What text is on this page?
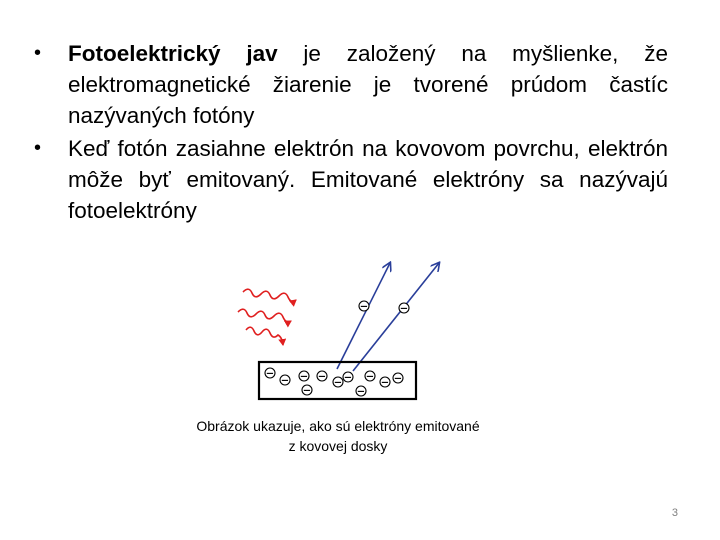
• Fotoelektrický jav je založený na myšlienke, že elektromagnetické žiarenie je tvorené prúdom častíc nazývaných fotóny
• Keď fotón zasiahne elektrón na kovovom povrchu, elektrón môže byť emitovaný. Emitované elektróny sa nazývajú fotoelektróny
−
− − −
− − −
− −
−	−
−	−
Obrázok ukazuje, ako sú elektróny emitované
z kovovej dosky
3
